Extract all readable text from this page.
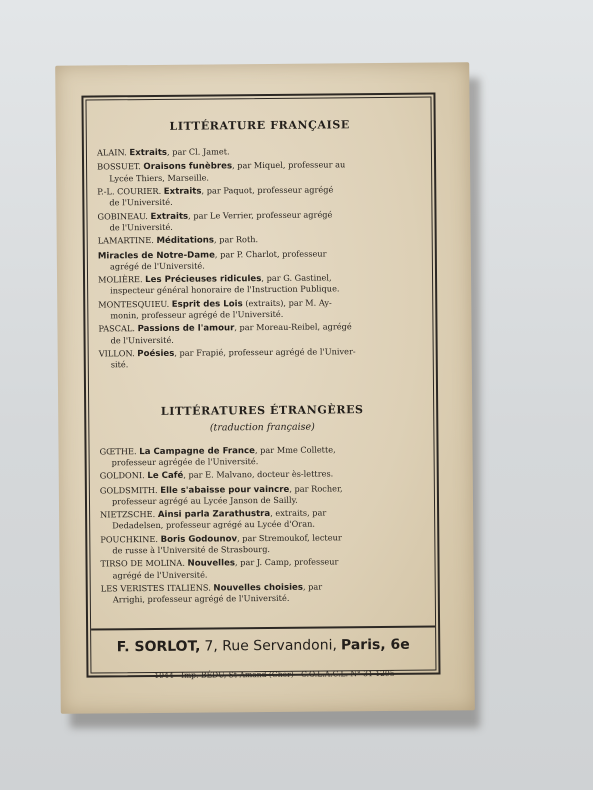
LITTÉRATURE FRANÇAISE
ALAIN. Extraits, par Cl. Jamet.
BOSSUET. Oraisons funèbres, par Miquel, professeur au
Lycée Thiers, Marseille.
P.-L. COURIER. Extraits, par Paquot, professeur agrégé
de l'Université.
GOBINEAU. Extraits, par Le Verrier, professeur agrégé
de l'Université.
LAMARTINE. Méditations, par Roth.
Miracles de Notre-Dame, par P. Charlot, professeur
agrégé de l'Université.
MOLIÈRE. Les Précieuses ridicules, par G. Gastinel,
inspecteur général honoraire de l'Instruction Publique.
MONTESQUIEU. Esprit des Lois (extraits), par M. Ay-
monin, professeur agrégé de l'Université.
PASCAL. Passions de l'amour, par Moreau-Reibel, agrégé
de l'Université.
VILLON. Poésies, par Frapié, professeur agrégé de l'Univer-
sité.
LITTÉRATURES ÉTRANGÈRES
(traduction française)
GŒTHE. La Campagne de France, par Mme Collette,
professeur agrégée de l'Université.
GOLDONI. Le Café, par E. Malvano, docteur ès-lettres.
GOLDSMITH. Elle s'abaisse pour vaincre, par Rocher,
professeur agrégé au Lycée Janson de Sailly.
NIETZSCHE. Ainsi parla Zarathustra, extraits, par
Dedadelsen, professeur agrégé au Lycée d'Oran.
POUCHKINE. Boris Godounov, par Stremoukof, lecteur
de russe à l'Université de Strasbourg.
TIRSO DE MOLINA. Nouvelles, par J. Camp, professeur
agrégé de l'Université.
LES VERISTES ITALIENS. Nouvelles choisies, par
Arrighi, professeur agrégé de l'Université.
F. SORLOT, 7, Rue Servandoni, Paris, 6e
1944 - Imp. BÉDU, St-Amand (Cher) - C.O.L.A.C.L. N° 31 1295
